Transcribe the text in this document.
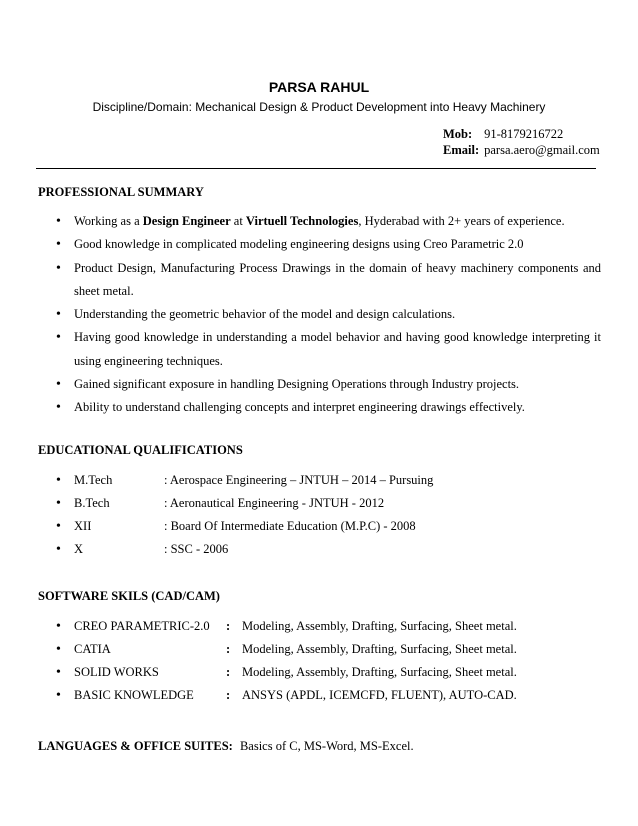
PARSA RAHUL
Discipline/Domain: Mechanical Design & Product Development into Heavy Machinery
Mob: 91-8179216722
Email: parsa.aero@gmail.com
PROFESSIONAL SUMMARY
• Working as a Design Engineer at Virtuell Technologies, Hyderabad with 2+ years of experience.
• Good knowledge in complicated modeling engineering designs using Creo Parametric 2.0
• Product Design, Manufacturing Process Drawings in the domain of heavy machinery components and sheet metal.
• Understanding the geometric behavior of the model and design calculations.
• Having good knowledge in understanding a model behavior and having good knowledge interpreting it using engineering techniques.
• Gained significant exposure in handling Designing Operations through Industry projects.
• Ability to understand challenging concepts and interpret engineering drawings effectively.
EDUCATIONAL QUALIFICATIONS
• M.Tech	: Aerospace Engineering – JNTUH – 2014 – Pursuing
• B.Tech	: Aeronautical Engineering - JNTUH - 2012
• XII	: Board Of Intermediate Education (M.P.C) - 2008
• X	: SSC - 2006
SOFTWARE SKILS (CAD/CAM)
• CREO PARAMETRIC-2.0 : Modeling, Assembly, Drafting, Surfacing, Sheet metal.
• CATIA	: Modeling, Assembly, Drafting, Surfacing, Sheet metal.
• SOLID WORKS	: Modeling, Assembly, Drafting, Surfacing, Sheet metal.
• BASIC KNOWLEDGE	: ANSYS (APDL, ICEMCFD, FLUENT), AUTO-CAD.
LANGUAGES & OFFICE SUITES: Basics of C, MS-Word, MS-Excel.
